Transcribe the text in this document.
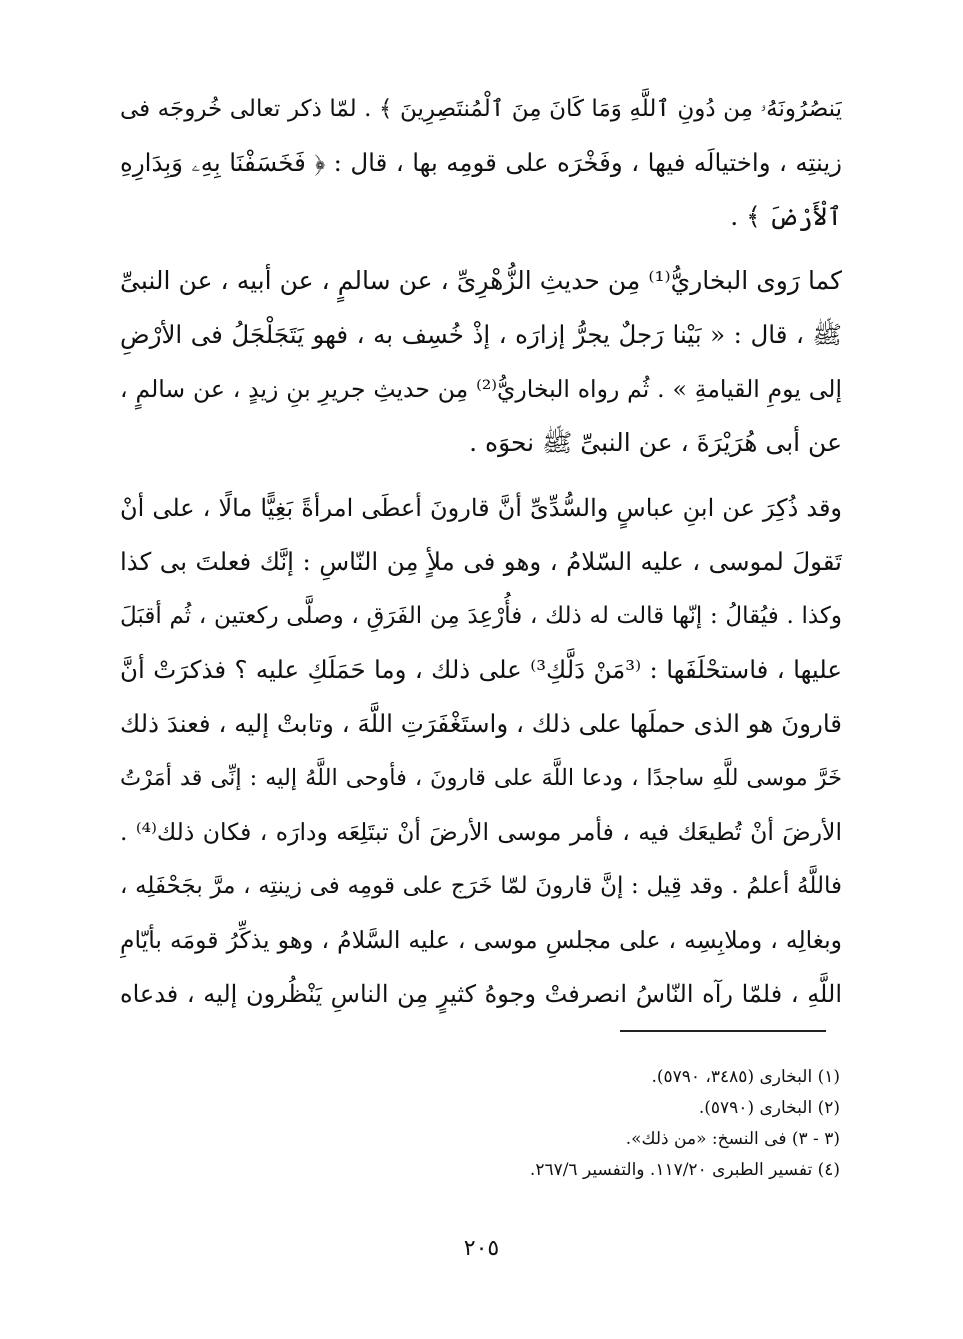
يَنصُرُونَهُۥ مِن دُونِ ٱللَّهِ وَمَا كَانَ مِنَ ٱلْمُنتَصِرِينَ ﴾ . لمّا ذكر تعالى خُروجَه فى
زينتِه ، واختيالَه فيها ، وفَخْرَه على قومِه بها ، قال : ﴿ فَخَسَفْنَا بِهِۦ وَبِدَارِهِ
ٱلْأَرْضَ ﴾ .
كما رَوى البخاريُّ⁽¹⁾ مِن حديثِ الزُّهْرِىِّ ، عن سالمٍ ، عن أبيه ، عن النبىِّ
ﷺ ، قال : « بَيْنا رَجلٌ يجرُّ إزارَه ، إذْ خُسِف به ، فهو يَتَجَلْجَلُ فى الأرْضِ
إلى يومِ القيامةِ » . ثُم رواه البخاريُّ⁽²⁾ مِن حديثِ جريرِ بنِ زيدٍ ، عن سالمٍ ،
عن أبى هُرَيْرَةَ ، عن النبىِّ ﷺ نحوَه .
وقد ذُكِرَ عن ابنِ عباسٍ والسُّدِّىِّ أنَّ قارونَ أعطَى امرأةً بَغِيًّا مالًا ، على أنْ
تَقولَ لموسى ، عليه السّلامُ ، وهو فى ملأٍ مِن النّاسِ : إنَّك فعلتَ بى كذا
وكذا . فيُقالُ : إنّها قالت له ذلك ، فأُرْعِدَ مِن الفَرَقِ ، وصلَّى ركعتين ، ثُم أقبَلَ
عليها ، فاستحْلَفَها : ⁽³مَنْ دَلَّكِ³⁾ على ذلك ، وما حَمَلَكِ عليه ؟ فذكرَتْ أنَّ
قارونَ هو الذى حملَها على ذلك ، واستَغْفَرَتِ اللَّهَ ، وتابتْ إليه ، فعندَ ذلك
خَرَّ موسى للَّهِ ساجدًا ، ودعا اللَّهَ على قارونَ ، فأوحى اللَّهُ إليه : إنِّى قد أمَرْتُ
الأرضَ أنْ تُطيعَك فيه ، فأمر موسى الأرضَ أنْ تبتَلِعَه ودارَه ، فكان ذلك⁽⁴⁾ .
فاللَّهُ أعلمُ . وقد قِيل : إنَّ قارونَ لمّا خَرَج على قومِه فى زينتِه ، مرَّ بجَحْفَلِه ،
وبغالِه ، وملابِسِه ، على مجلسِ موسى ، عليه السَّلامُ ، وهو يذكِّرُ قومَه بأيّامِ
اللَّهِ ، فلمّا رآه النّاسُ انصرفتْ وجوهُ كثيرٍ مِن الناسِ يَنْظُرون إليه ، فدعاه
(١) البخارى (٣٤٨٥، ٥٧٩٠).
(٢) البخارى (٥٧٩٠).
(٣ - ٣) فى النسخ: «من ذلك».
(٤) تفسير الطبرى ١١٧/٢٠. والتفسير ٢٦٧/٦.
٢٠٥
